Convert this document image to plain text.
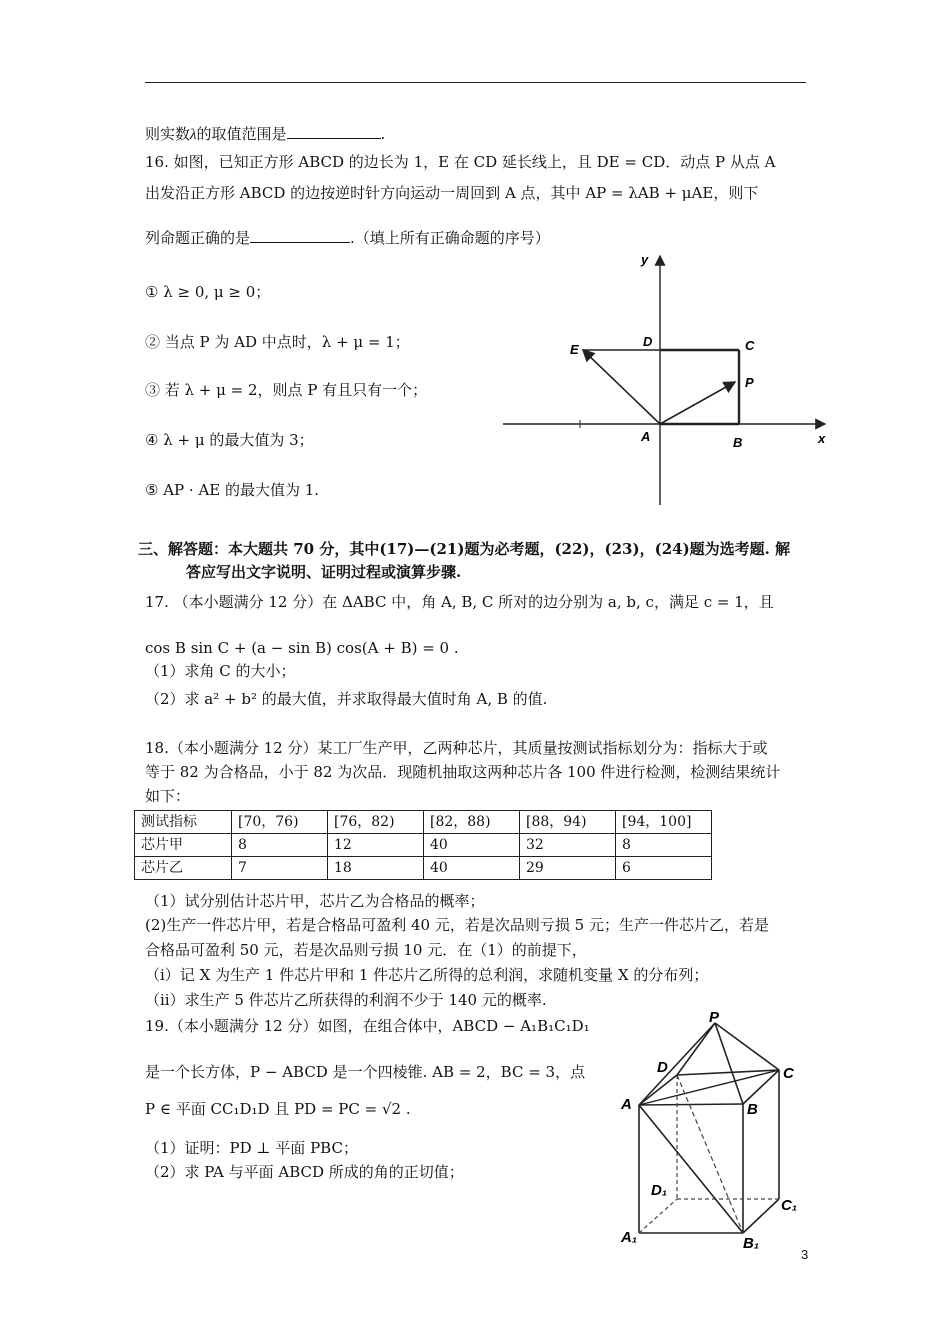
则实数λ的取值范围是	.
16. 如图，已知正方形 ABCD 的边长为 1，E 在 CD 延长线上，且 DE = CD．动点 P 从点 A
出发沿正方形 ABCD 的边按逆时针方向运动一周回到 A 点，其中 AP = λAB + μAE，则下
列命题正确的是	.（填上所有正确命题的序号）
① λ ≥ 0, μ ≥ 0；
② 当点 P 为 AD 中点时，λ + μ = 1；
③ 若 λ + μ = 2，则点 P 有且只有一个；
④ λ + μ 的最大值为 3；
⑤ AP · AE 的最大值为 1.
y
x
D	C
E
P
A	B
三、解答题：本大题共 70 分，其中(17)—(21)题为必考题，(22)，(23)，(24)题为选考题. 解
答应写出文字说明、证明过程或演算步骤.
17. （本小题满分 12 分）在 ΔABC 中，角 A, B, C 所对的边分别为 a, b, c，满足 c = 1，且
cos B sin C + (a − sin B) cos(A + B) = 0 .
（1）求角 C 的大小；
（2）求 a² + b² 的最大值，并求取得最大值时角 A, B 的值.
18.（本小题满分 12 分）某工厂生产甲，乙两种芯片，其质量按测试指标划分为：指标大于或
等于 82 为合格品，小于 82 为次品．现随机抽取这两种芯片各 100 件进行检测，检测结果统计
如下：
测试指标	[70，76)	[76，82)	[82，88)	[88，94)	[94，100]
芯片甲	8	12	40	32	8
芯片乙	7	18	40	29	6
（1）试分别估计芯片甲，芯片乙为合格品的概率；
(2)生产一件芯片甲，若是合格品可盈利 40 元，若是次品则亏损 5 元；生产一件芯片乙，若是
合格品可盈利 50 元，若是次品则亏损 10 元．在（1）的前提下，
（i）记 X 为生产 1 件芯片甲和 1 件芯片乙所得的总利润，求随机变量 X 的分布列；
（ii）求生产 5 件芯片乙所获得的利润不少于 140 元的概率.
19.（本小题满分 12 分）如图，在组合体中，ABCD − A₁B₁C₁D₁
是一个长方体，P − ABCD 是一个四棱锥. AB = 2，BC = 3，点
P ∈ 平面 CC₁D₁D 且 PD = PC = √2 .
（1）证明：PD ⊥ 平面 PBC；
（2）求 PA 与平面 ABCD 所成的角的正切值；
P
D	C
A	B
D₁
C₁
A₁	B₁
3
